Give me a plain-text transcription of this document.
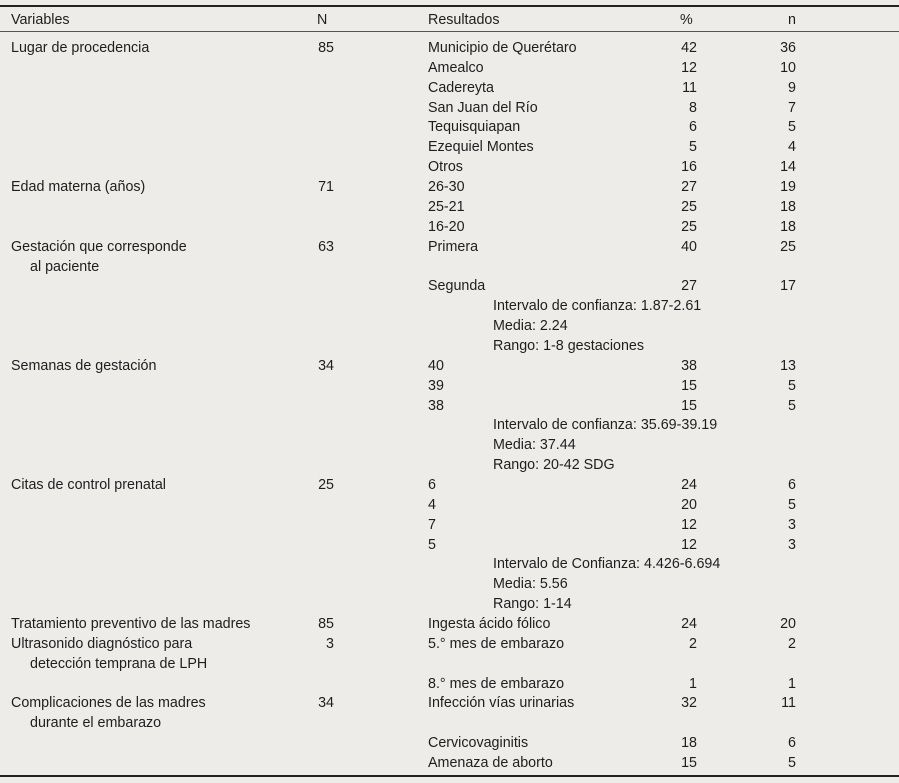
Variables	N	Resultados	%	n
Lugar de procedencia	85	Municipio de Querétaro	42	36
Amealco	12	10
Cadereyta	11	9
San Juan del Río	8	7
Tequisquiapan	6	5
Ezequiel Montes	5	4
Otros	16	14
Edad materna (años)	71	26-30	27	19
25-21	25	18
16-20	25	18
Gestación que corresponde	63	Primera	40	25
al paciente
Segunda	27	17
Intervalo de confianza: 1.87-2.61
Media: 2.24
Rango: 1-8 gestaciones
Semanas de gestación	34	40	38	13
39	15	5
38	15	5
Intervalo de confianza: 35.69-39.19
Media: 37.44
Rango: 20-42 SDG
Citas de control prenatal	25	6	24	6
4	20	5
7	12	3
5	12	3
Intervalo de Confianza: 4.426-6.694
Media: 5.56
Rango: 1-14
Tratamiento preventivo de las madres	85	Ingesta ácido fólico	24	20
Ultrasonido diagnóstico para	3	5.° mes de embarazo	2	2
detección temprana de LPH
8.° mes de embarazo	1	1
Complicaciones de las madres	34	Infección vías urinarias	32	11
durante el embarazo
Cervicovaginitis	18	6
Amenaza de aborto	15	5
